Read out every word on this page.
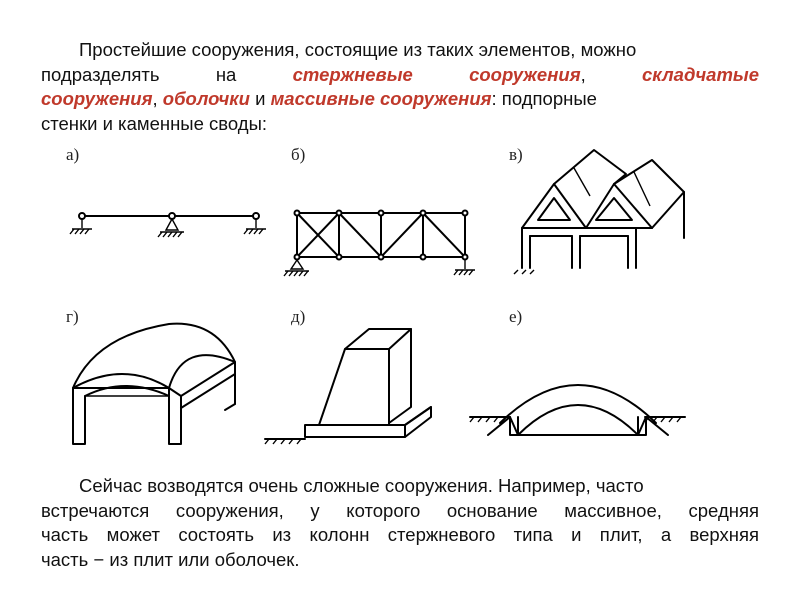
Простейшие сооружения, состоящие из таких элементов, можно
подразделять на	стержневые сооружения,	складчатые
сооружения, оболочки и массивные сооружения: подпорные
стенки и каменные своды:
а)	б)	в)
г)	д)	е)
Сейчас возводятся очень сложные сооружения. Например, часто
встречаются сооружения, у которого основание массивное, средняя
часть может состоять из колонн стержневого типа и плит, а верхняя
часть − из плит или оболочек.
